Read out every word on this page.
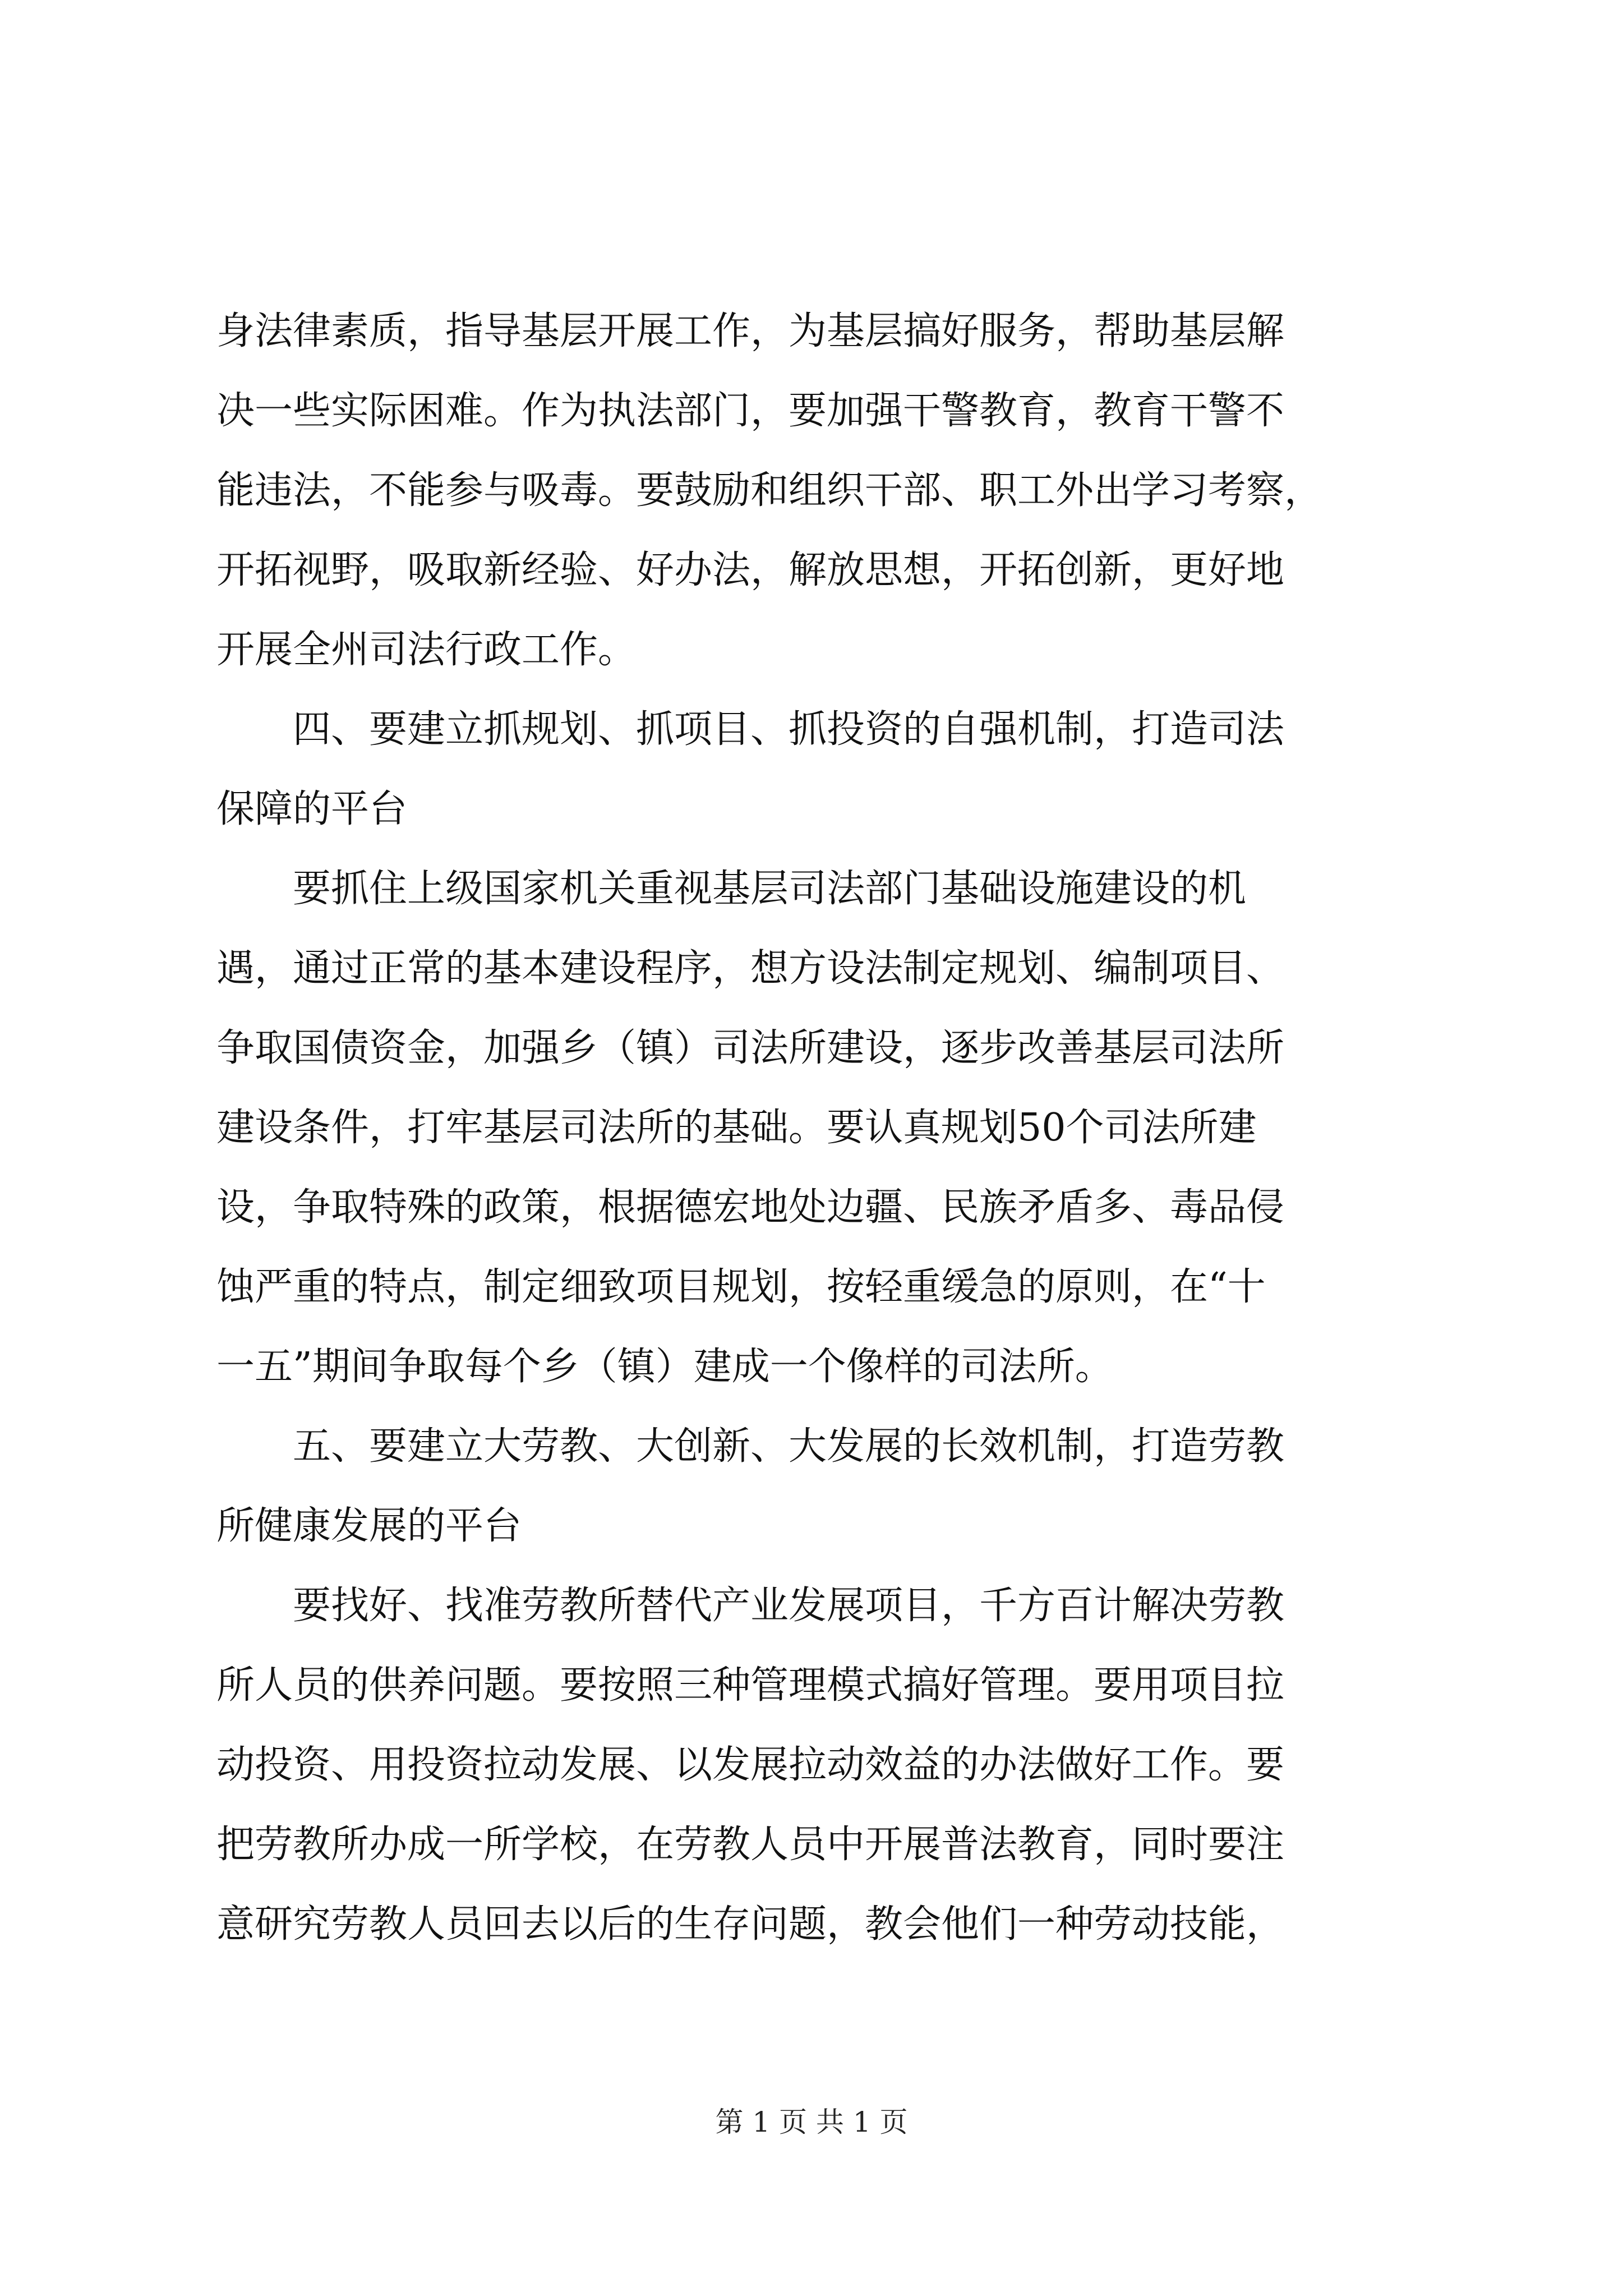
身法律素质，指导基层开展工作，为基层搞好服务，帮助基层解
决一些实际困难。作为执法部门，要加强干警教育，教育干警不
能违法，不能参与吸毒。要鼓励和组织干部、职工外出学习考察，
开拓视野，吸取新经验、好办法，解放思想，开拓创新，更好地
开展全州司法行政工作。
四、要建立抓规划、抓项目、抓投资的自强机制，打造司法
保障的平台
要抓住上级国家机关重视基层司法部门基础设施建设的机
遇，通过正常的基本建设程序，想方设法制定规划、编制项目、
争取国债资金，加强乡（镇）司法所建设，逐步改善基层司法所
建设条件，打牢基层司法所的基础。要认真规划50个司法所建
设，争取特殊的政策，根据德宏地处边疆、民族矛盾多、毒品侵
蚀严重的特点，制定细致项目规划，按轻重缓急的原则，在“十
一五”期间争取每个乡（镇）建成一个像样的司法所。
五、要建立大劳教、大创新、大发展的长效机制，打造劳教
所健康发展的平台
要找好、找准劳教所替代产业发展项目，千方百计解决劳教
所人员的供养问题。要按照三种管理模式搞好管理。要用项目拉
动投资、用投资拉动发展、以发展拉动效益的办法做好工作。要
把劳教所办成一所学校，在劳教人员中开展普法教育，同时要注
意研究劳教人员回去以后的生存问题，教会他们一种劳动技能，
第 1 页 共 1 页
